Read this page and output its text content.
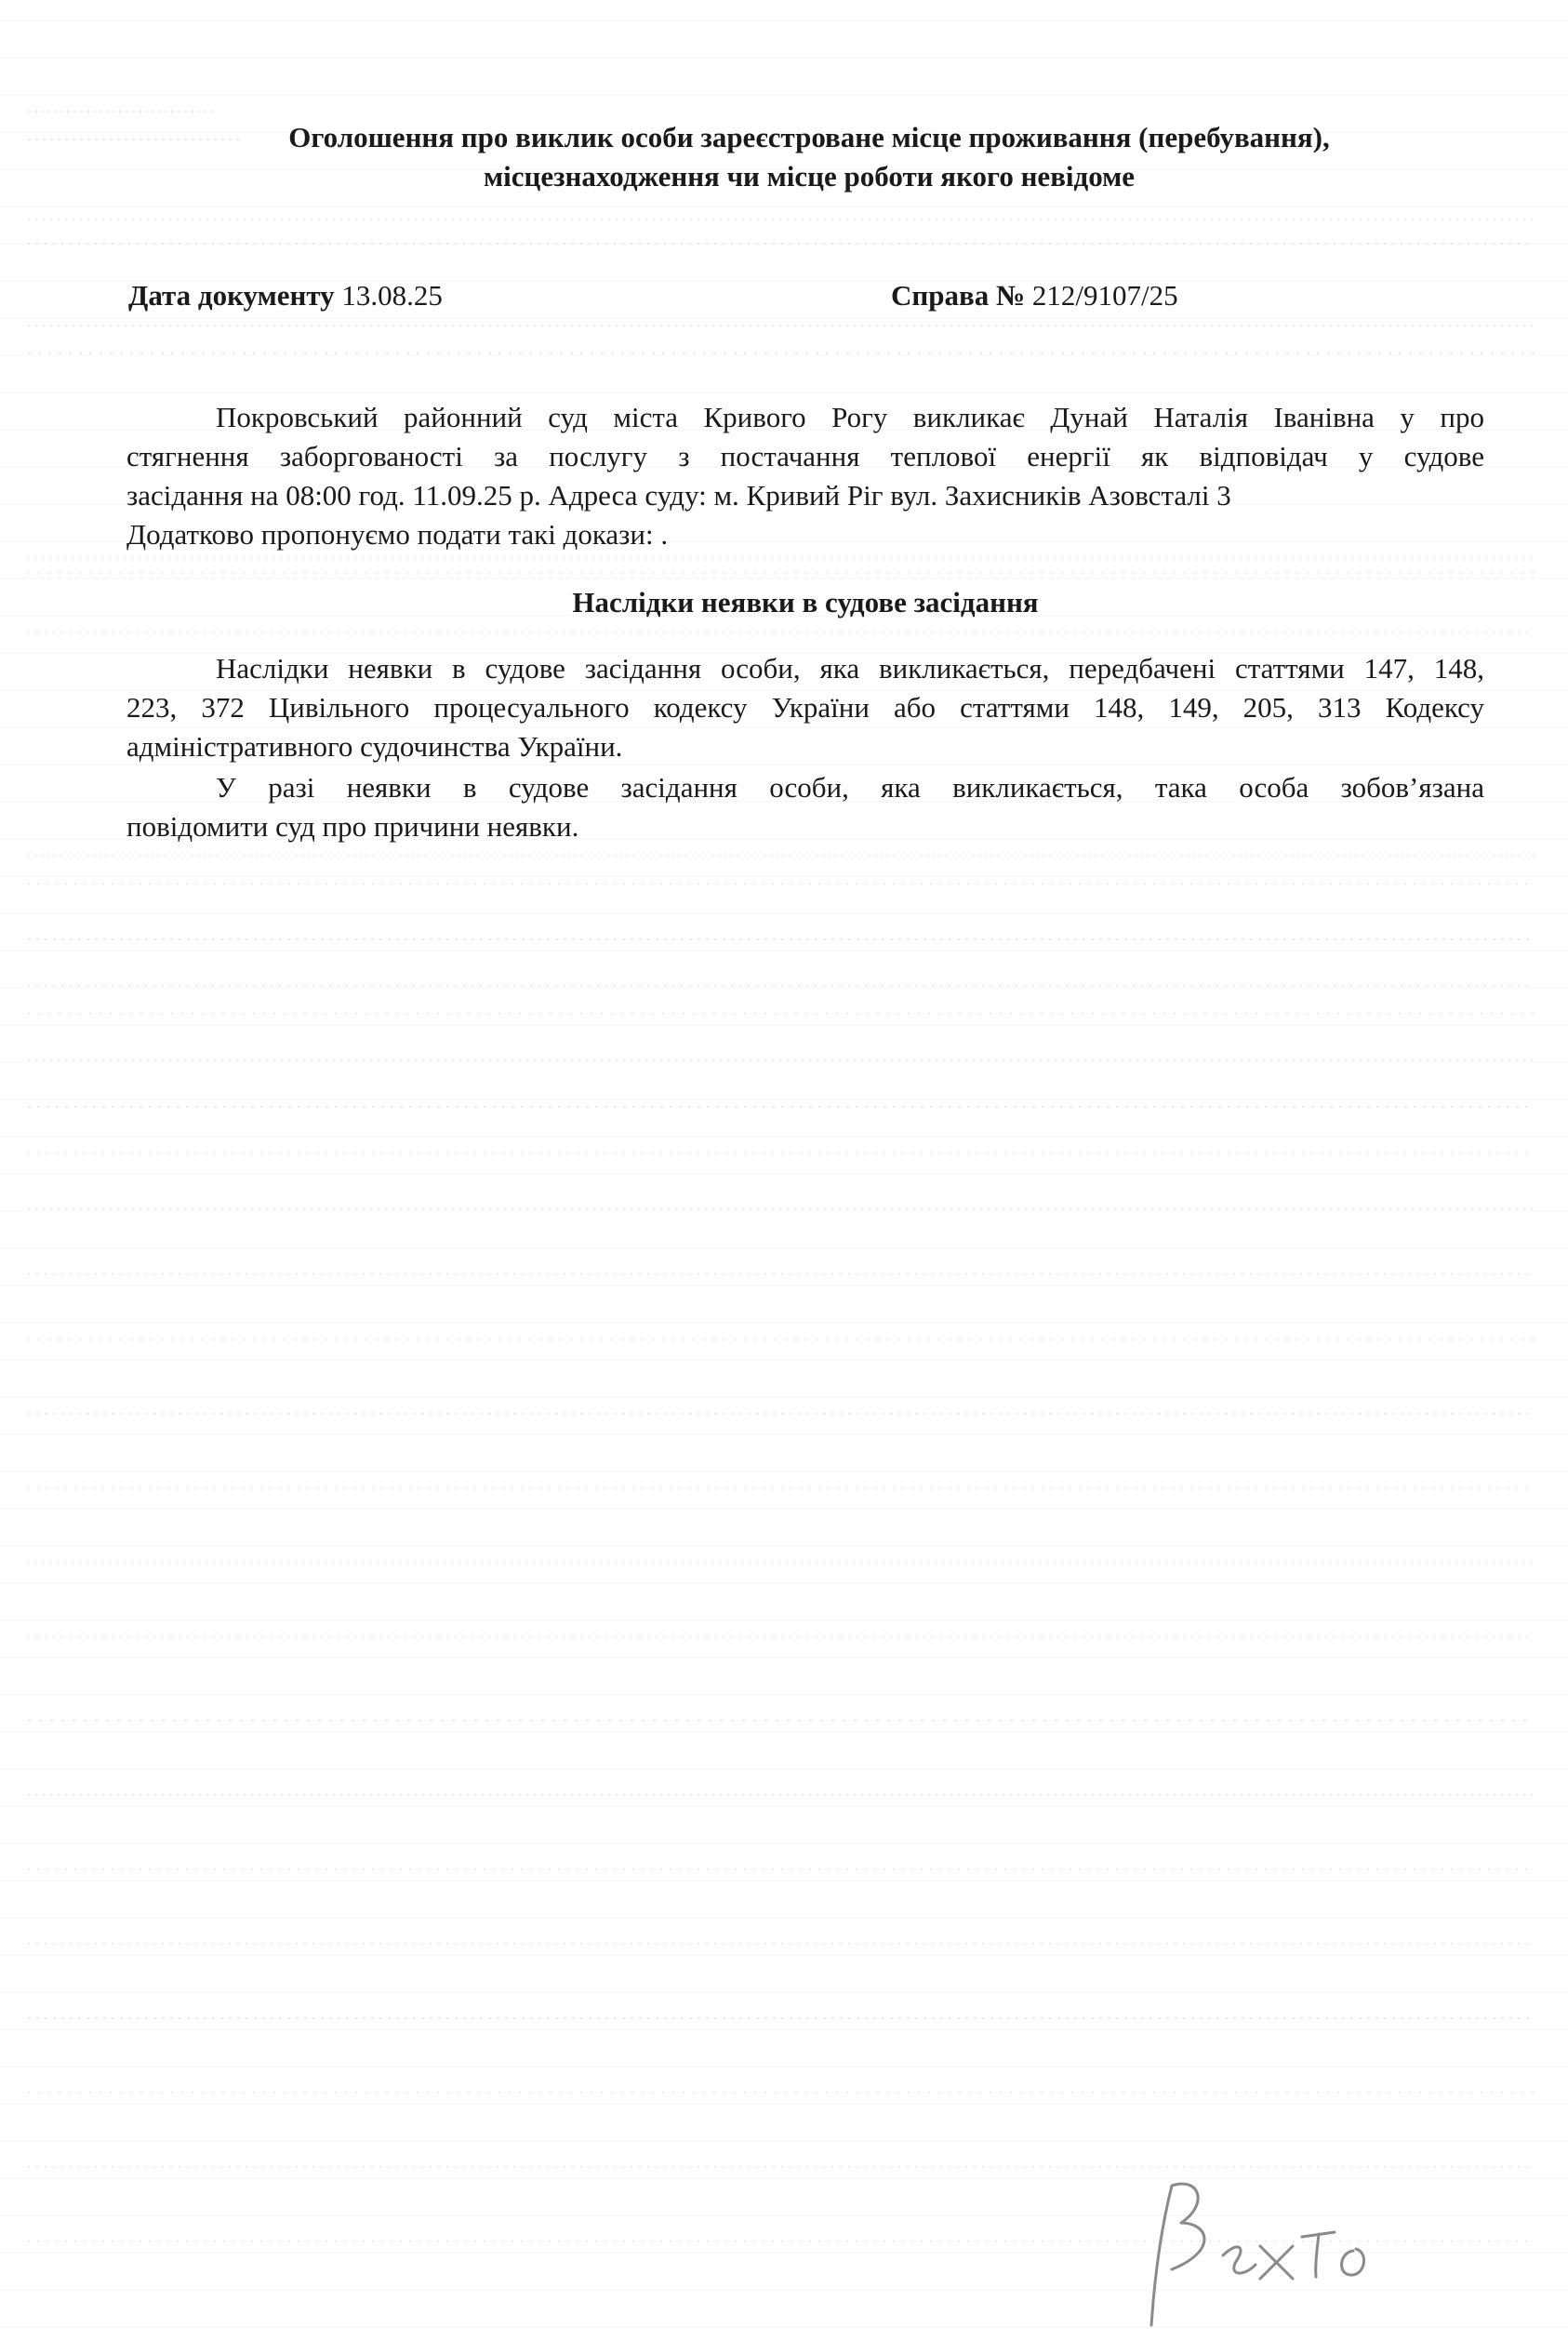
Оголошення про виклик особи зареєстроване місце проживання (перебування),
місцезнаходження чи місце роботи якого невідоме
Дата документу 13.08.25	Справа № 212/9107/25
Покровський районний суд міста Кривого Рогу викликає Дунай Наталія Іванівна у про
стягнення заборгованості за послугу з постачання теплової енергії як відповідач у судове
засідання на 08:00 год. 11.09.25 р. Адреса суду: м. Кривий Ріг вул. Захисників Азовсталі 3
Додатково пропонуємо подати такі докази: .
Наслідки неявки в судове засідання
Наслідки неявки в судове засідання особи, яка викликається, передбачені статтями 147, 148,
223, 372 Цивільного процесуального кодексу України або статтями 148, 149, 205, 313 Кодексу
адміністративного судочинства України.
У разі неявки в судове засідання особи, яка викликається, така особа зобов’язана
повідомити суд про причини неявки.
